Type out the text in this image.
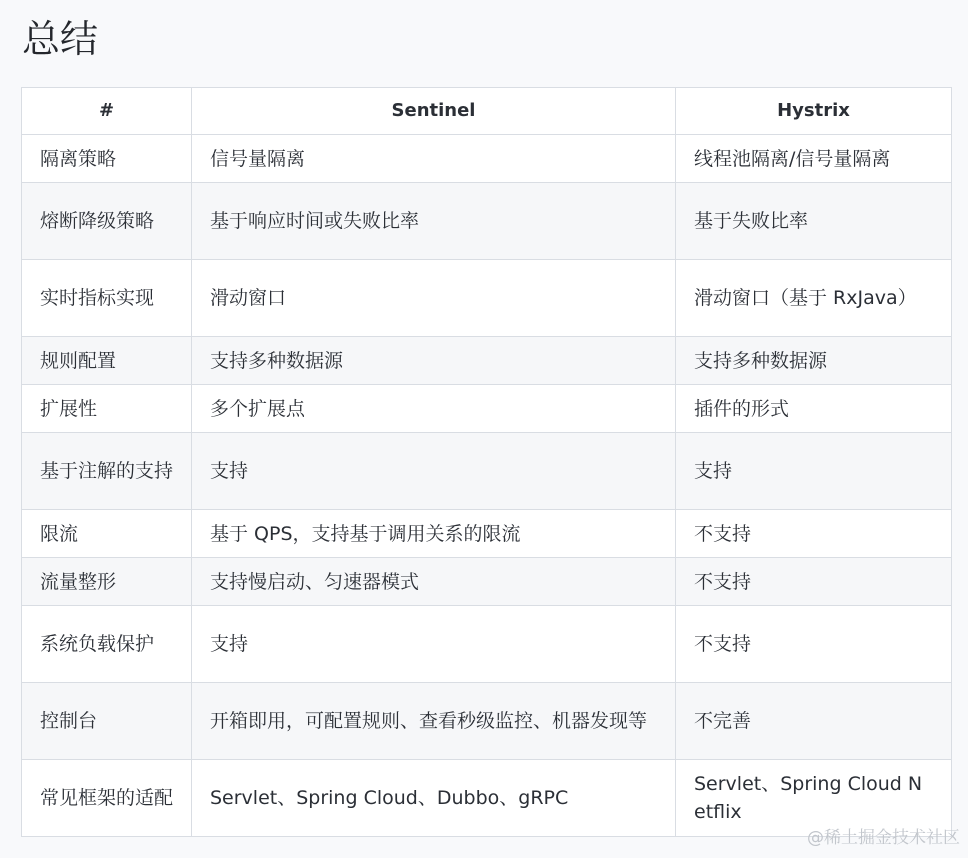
总结
#	Sentinel	Hystrix
隔离策略	信号量隔离	线程池隔离/信号量隔离
熔断降级策略	基于响应时间或失败比率	基于失败比率
实时指标实现	滑动窗口	滑动窗口（基于 RxJava）
规则配置	支持多种数据源	支持多种数据源
扩展性	多个扩展点	插件的形式
基于注解的支持	支持	支持
限流	基于 QPS，支持基于调用关系的限流	不支持
流量整形	支持慢启动、匀速器模式	不支持
系统负载保护	支持	不支持
控制台	开箱即用，可配置规则、查看秒级监控、机器发现等	不完善
常见框架的适配	Servlet、Spring Cloud、Dubbo、gRPC	Servlet、Spring Cloud Netflix
@稀土掘金技术社区
